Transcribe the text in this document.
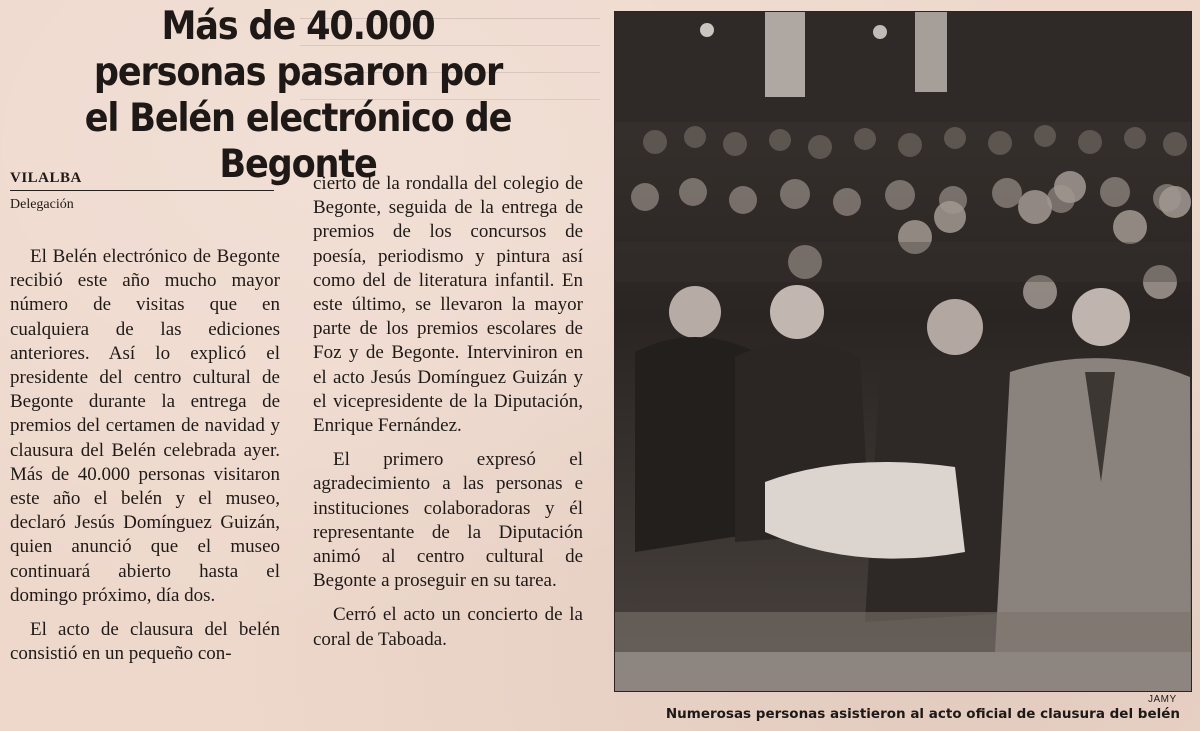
Más de 40.000 personas pasaron por el Belén electrónico de Begonte
VILALBA
Delegación

El Belén electrónico de Begonte recibió este año mucho mayor número de visitas que en cualquiera de las ediciones anteriores. Así lo explicó el presidente del centro cultural de Begonte durante la entrega de premios del certamen de navidad y clausura del Belén celebrada ayer. Más de 40.000 personas visitaron este año el belén y el museo, declaró Jesús Domínguez Guizán, quien anunció que el museo continuará abierto hasta el domingo próximo, día dos.

El acto de clausura del belén consistió en un pequeño con-

cierto de la rondalla del colegio de Begonte, seguida de la entrega de premios de los concursos de poesía, periodismo y pintura así como del de literatura infantil. En este último, se llevaron la mayor parte de los premios escolares de Foz y de Begonte. Interviniron en el acto Jesús Domínguez Guizán y el vicepresidente de la Diputación, Enrique Fernández.

El primero expresó el agradecimiento a las personas e instituciones colaboradoras y él representante de la Diputación animó al centro cultural de Begonte a proseguir en su tarea.

Cerró el acto un concierto de la coral de Taboada.

JAMY
Numerosas personas asistieron al acto oficial de clausura del belén
